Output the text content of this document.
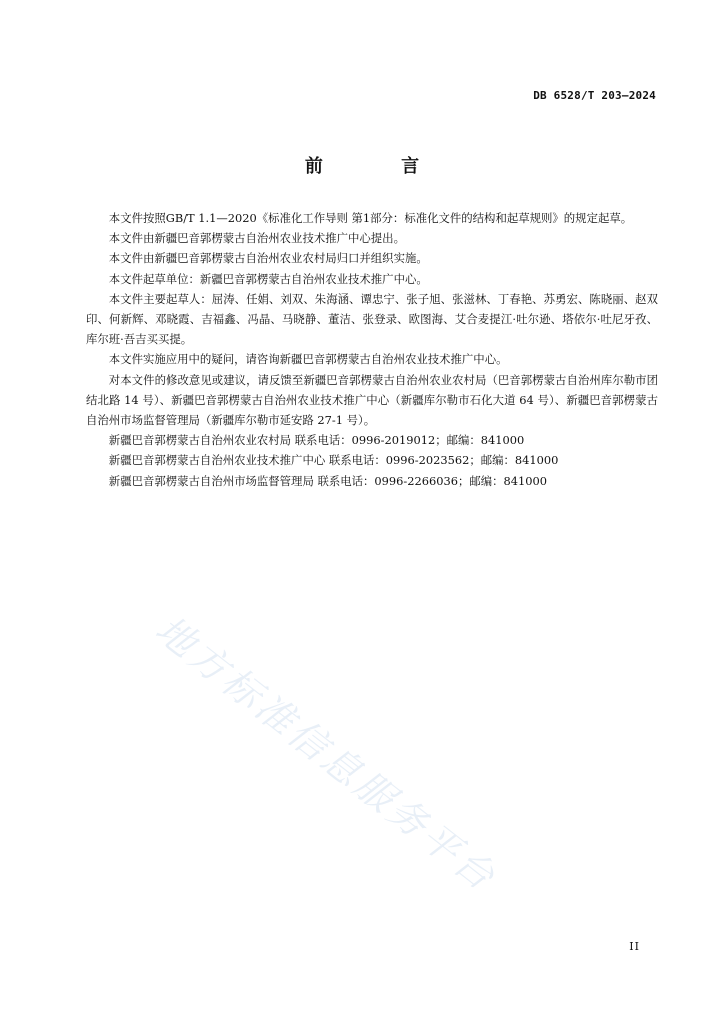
DB 6528/T 203—2024
前 言

本文件按照GB/T 1.1—2020《标准化工作导则 第1部分：标准化文件的结构和起草规则》的规定起草。

本文件由新疆巴音郭楞蒙古自治州农业技术推广中心提出。

本文件由新疆巴音郭楞蒙古自治州农业农村局归口并组织实施。

本文件起草单位：新疆巴音郭楞蒙古自治州农业技术推广中心。

本文件主要起草人：屈涛、任娟、刘双、朱海涵、谭忠宁、张子旭、张滋林、丁春艳、苏勇宏、陈晓丽、赵双印、何新辉、邓晓霞、吉福鑫、冯晶、马晓静、董洁、张登录、欧图海、艾合麦提江·吐尔逊、塔依尔·吐尼牙孜、库尔班·吾吉买买提。

本文件实施应用中的疑问，请咨询新疆巴音郭楞蒙古自治州农业技术推广中心。

对本文件的修改意见或建议，请反馈至新疆巴音郭楞蒙古自治州农业农村局（巴音郭楞蒙古自治州库尔勒市团结北路 14 号）、新疆巴音郭楞蒙古自治州农业技术推广中心（新疆库尔勒市石化大道 64 号）、新疆巴音郭楞蒙古自治州市场监督管理局（新疆库尔勒市延安路 27-1 号）。

新疆巴音郭楞蒙古自治州农业农村局 联系电话：0996-2019012；邮编：841000

新疆巴音郭楞蒙古自治州农业技术推广中心 联系电话：0996-2023562；邮编：841000

新疆巴音郭楞蒙古自治州市场监督管理局 联系电话：0996-2266036；邮编：841000

地方标准信息服务平台
II
